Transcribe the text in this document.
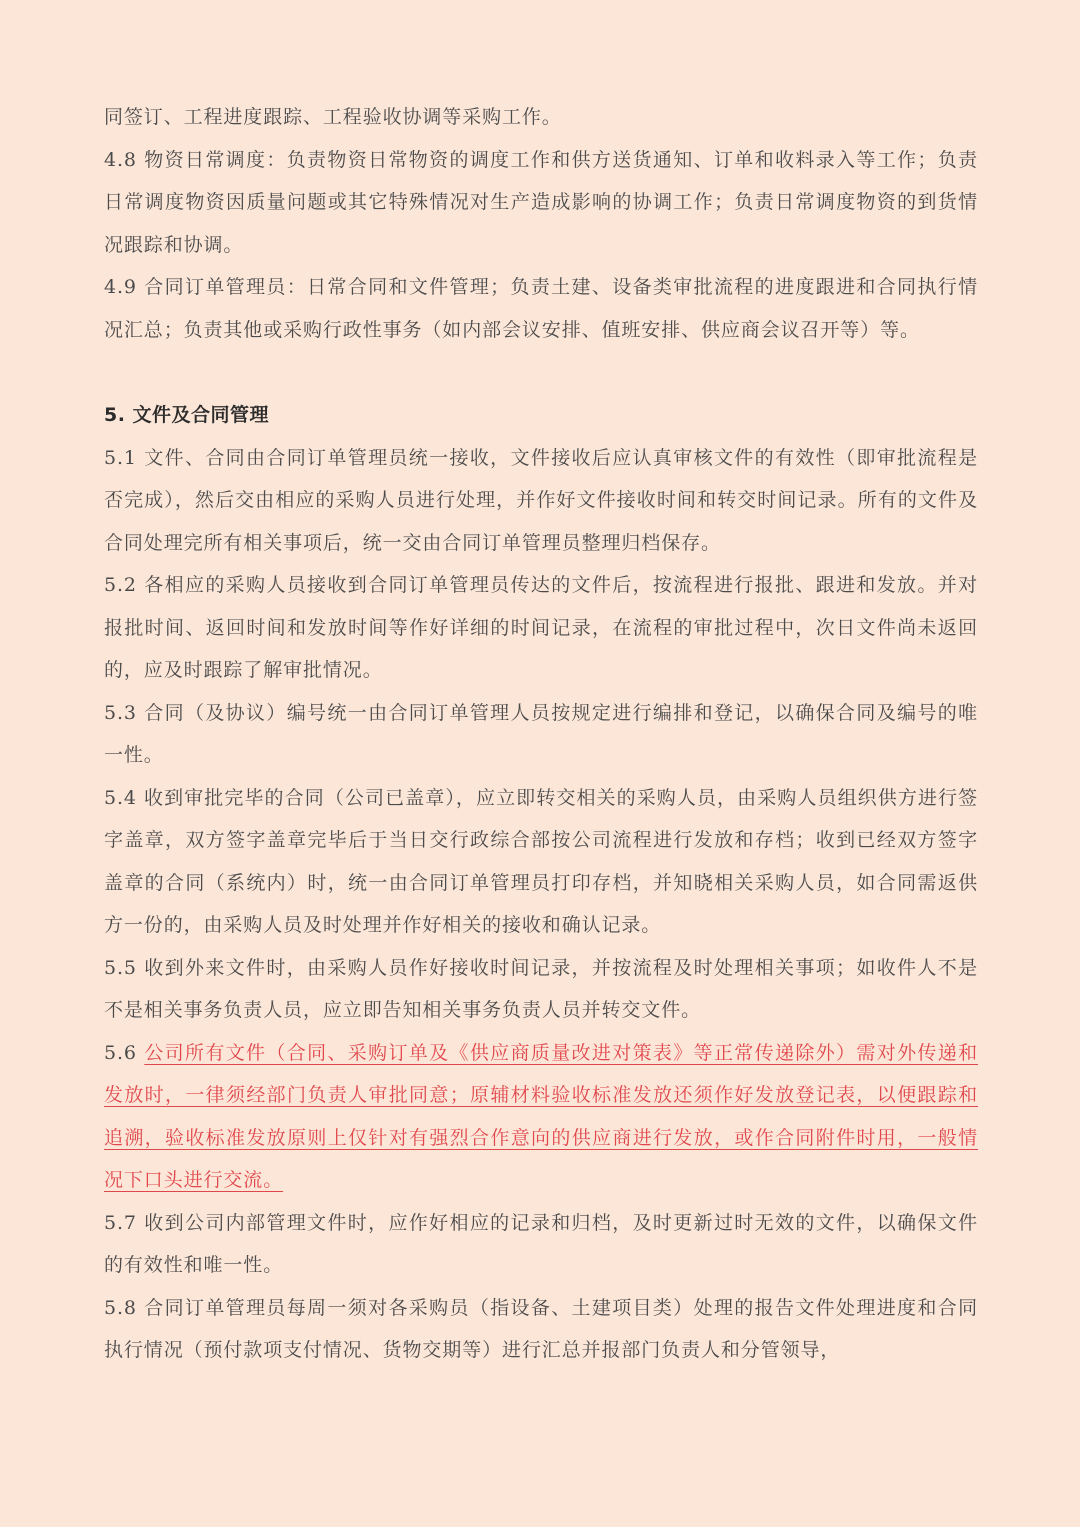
同签订、工程进度跟踪、工程验收协调等采购工作。

4.8 物资日常调度：负责物资日常物资的调度工作和供方送货通知、订单和收料录入等工作；负责日常调度物资因质量问题或其它特殊情况对生产造成影响的协调工作；负责日常调度物资的到货情况跟踪和协调。

4.9 合同订单管理员：日常合同和文件管理；负责土建、设备类审批流程的进度跟进和合同执行情况汇总；负责其他或采购行政性事务（如内部会议安排、值班安排、供应商会议召开等）等。

5. 文件及合同管理

5.1 文件、合同由合同订单管理员统一接收，文件接收后应认真审核文件的有效性（即审批流程是否完成），然后交由相应的采购人员进行处理，并作好文件接收时间和转交时间记录。所有的文件及合同处理完所有相关事项后，统一交由合同订单管理员整理归档保存。

5.2 各相应的采购人员接收到合同订单管理员传达的文件后，按流程进行报批、跟进和发放。并对报批时间、返回时间和发放时间等作好详细的时间记录，在流程的审批过程中，次日文件尚未返回的，应及时跟踪了解审批情况。

5.3 合同（及协议）编号统一由合同订单管理人员按规定进行编排和登记，以确保合同及编号的唯一性。

5.4 收到审批完毕的合同（公司已盖章），应立即转交相关的采购人员，由采购人员组织供方进行签字盖章，双方签字盖章完毕后于当日交行政综合部按公司流程进行发放和存档；收到已经双方签字盖章的合同（系统内）时，统一由合同订单管理员打印存档，并知晓相关采购人员，如合同需返供方一份的，由采购人员及时处理并作好相关的接收和确认记录。

5.5 收到外来文件时，由采购人员作好接收时间记录，并按流程及时处理相关事项；如收件人不是不是相关事务负责人员，应立即告知相关事务负责人员并转交文件。

5.6 公司所有文件（合同、采购订单及《供应商质量改进对策表》等正常传递除外）需对外传递和发放时，一律须经部门负责人审批同意；原辅材料验收标准发放还须作好发放登记表，以便跟踪和追溯，验收标准发放原则上仅针对有强烈合作意向的供应商进行发放，或作合同附件时用，一般情况下口头进行交流。

5.7 收到公司内部管理文件时，应作好相应的记录和归档，及时更新过时无效的文件，以确保文件的有效性和唯一性。

5.8 合同订单管理员每周一须对各采购员（指设备、土建项目类）处理的报告文件处理进度和合同执行情况（预付款项支付情况、货物交期等）进行汇总并报部门负责人和分管领导，
